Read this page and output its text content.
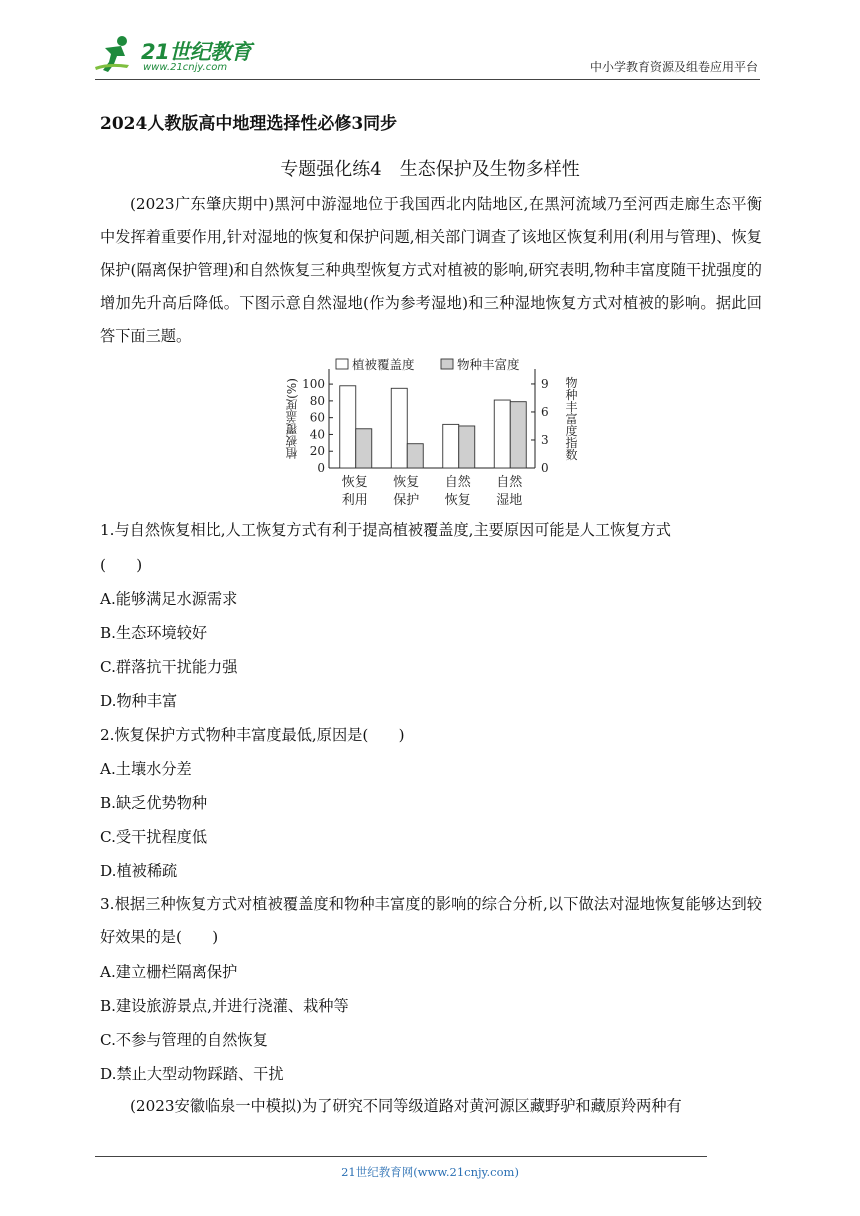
21世纪教育
www.21cnjy.com	中小学教育资源及组卷应用平台
2024人教版高中地理选择性必修3同步
专题强化练4　生态保护及生物多样性
(2023广东肇庆期中)黑河中游湿地位于我国西北内陆地区,在黑河流域乃至河西走廊生态平衡中发挥着重要作用,针对湿地的恢复和保护问题,相关部门调查了该地区恢复利用(利用与管理)、恢复保护(隔离保护管理)和自然恢复三种典型恢复方式对植被的影响,研究表明,物种丰富度随干扰强度的增加先升高后降低。下图示意自然湿地(作为参考湿地)和三种湿地恢复方式对植被的影响。据此回答下面三题。
0
20
40
60
80
100
0
3
6
9
植被覆盖度(%)	物种丰富度指数
恢复
利用
恢复
保护
自然
恢复
自然
湿地
植被覆盖度	物种丰富度
1.与自然恢复相比,人工恢复方式有利于提高植被覆盖度,主要原因可能是人工恢复方式
(　　)
A.能够满足水源需求
B.生态环境较好
C.群落抗干扰能力强
D.物种丰富
2.恢复保护方式物种丰富度最低,原因是(　　)
A.土壤水分差
B.缺乏优势物种
C.受干扰程度低
D.植被稀疏
3.根据三种恢复方式对植被覆盖度和物种丰富度的影响的综合分析,以下做法对湿地恢复能够达到较好效果的是(　　)
A.建立栅栏隔离保护
B.建设旅游景点,并进行浇灌、栽种等
C.不参与管理的自然恢复
D.禁止大型动物踩踏、干扰
(2023安徽临泉一中模拟)为了研究不同等级道路对黄河源区藏野驴和藏原羚两种有
21世纪教育网(www.21cnjy.com)
